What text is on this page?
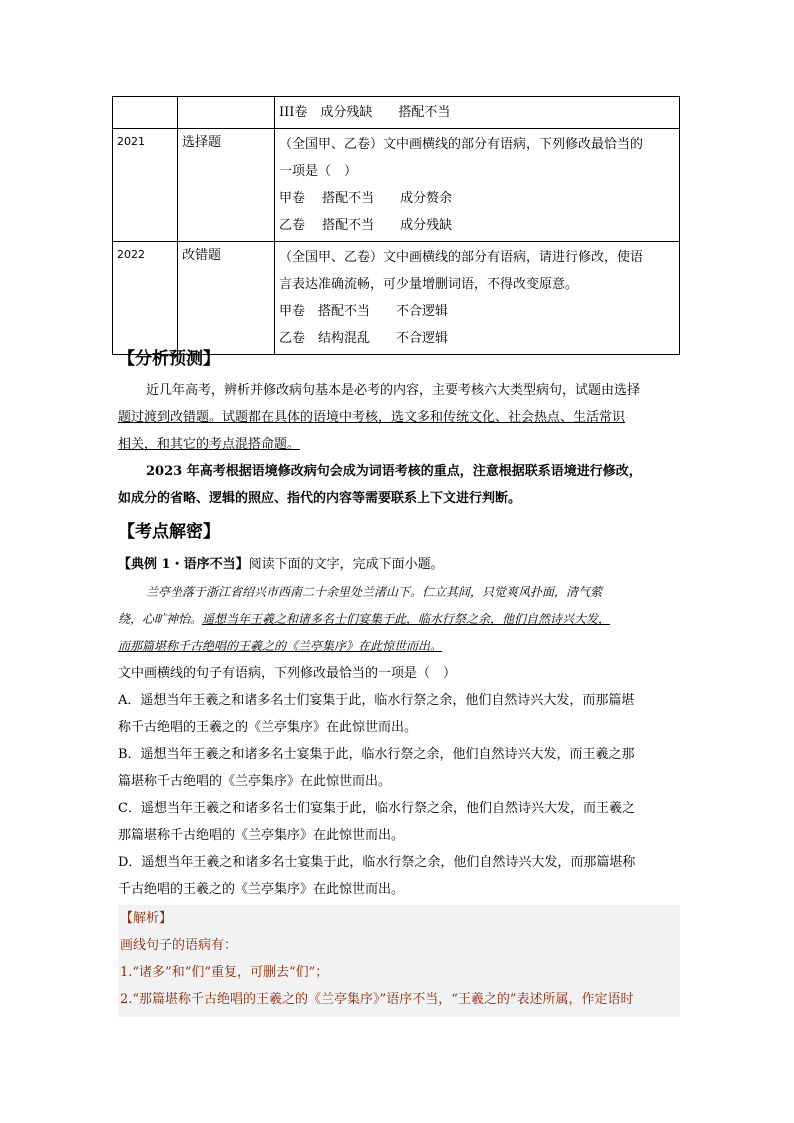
		III卷　成分残缺　　搭配不当

2021	选择题	（全国甲、乙卷）文中画横线的部分有语病，下列修改最恰当的
一项是（　）
甲卷　 搭配不当　　成分赘余
乙卷　 搭配不当　　成分残缺

2022	改错题	（全国甲、乙卷）文中画横线的部分有语病，请进行修改，使语
言表达准确流畅，可少量增删词语，不得改变原意。
甲卷　搭配不当　　不合逻辑
乙卷　结构混乱　　不合逻辑
【分析预测】
近几年高考，辨析并修改病句基本是必考的内容，主要考核六大类型病句，试题由选择
题过渡到改错题。试题都在具体的语境中考核，选文多和传统文化、社会热点、生活常识
相关，和其它的考点混搭命题。
2023 年高考根据语境修改病句会成为词语考核的重点，注意根据联系语境进行修改，
如成分的省略、逻辑的照应、指代的内容等需要联系上下文进行判断。
【考点解密】
【典例 1・语序不当】阅读下面的文字，完成下面小题。
兰亭坐落于浙江省绍兴市西南二十余里处兰渚山下。仁立其间，只觉爽风扑面，清气萦
绕，心旷神怡。遥想当年王羲之和诸多名士们宴集于此，临水行祭之余，他们自然诗兴大发，
而那篇堪称千古绝唱的王羲之的《兰亭集序》在此惊世而出。
文中画横线的句子有语病，下列修改最恰当的一项是（　）
A．遥想当年王羲之和诸多名士们宴集于此，临水行祭之余，他们自然诗兴大发，而那篇堪
称千古绝唱的王羲之的《兰亭集序》在此惊世而出。
B．遥想当年王羲之和诸多名士宴集于此，临水行祭之余，他们自然诗兴大发，而王羲之那
篇堪称千古绝唱的《兰亭集序》在此惊世而出。
C．遥想当年王羲之和诸多名士们宴集于此，临水行祭之余，他们自然诗兴大发，而王羲之
那篇堪称千古绝唱的《兰亭集序》在此惊世而出。
D．遥想当年王羲之和诸多名士宴集于此，临水行祭之余，他们自然诗兴大发，而那篇堪称
千古绝唱的王羲之的《兰亭集序》在此惊世而出。
【解析】
画线句子的语病有：
1.“诸多”和“们”重复，可删去“们”；
2.“那篇堪称千古绝唱的王羲之的《兰亭集序》”语序不当，“王羲之的”表述所属，作定语时
